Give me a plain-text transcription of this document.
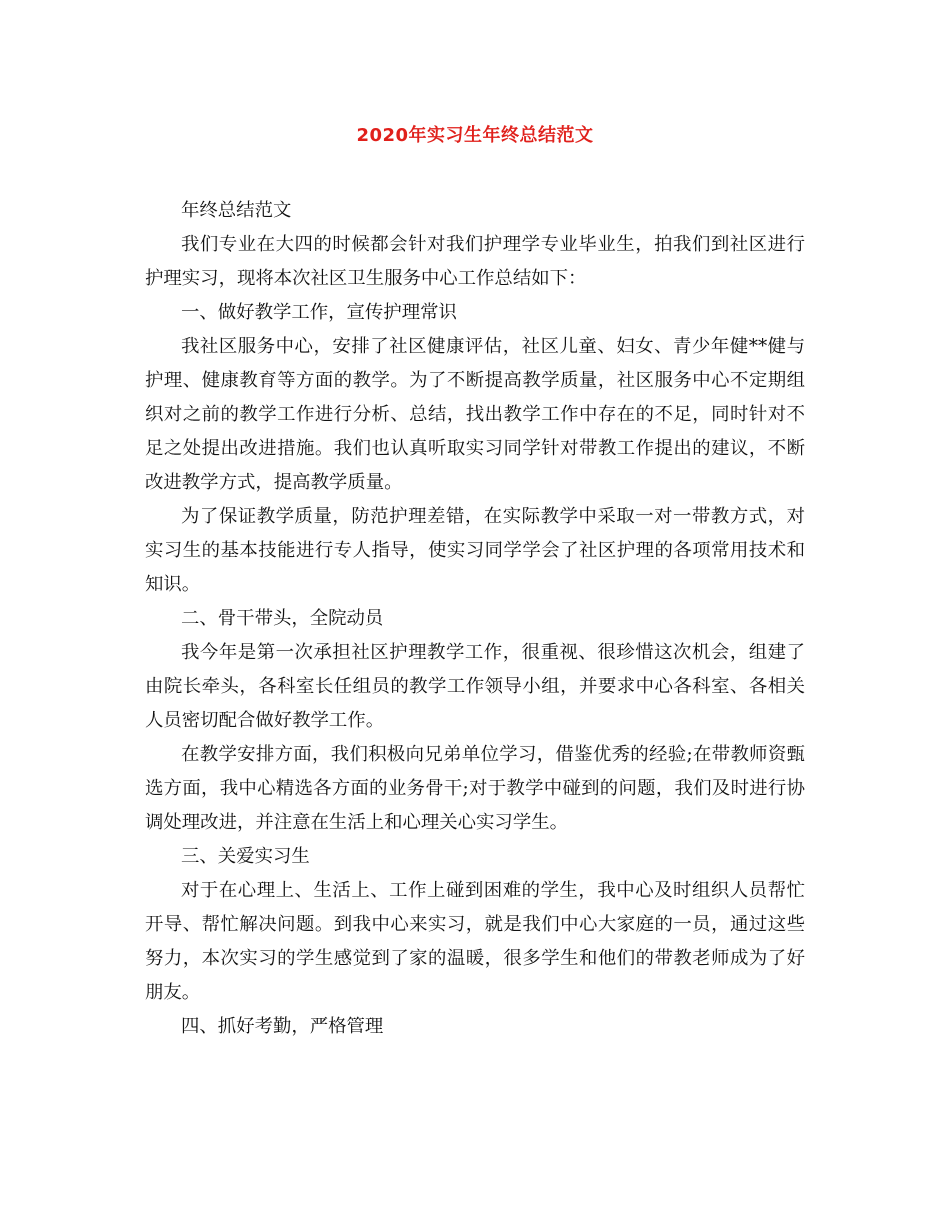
2020年实习生年终总结范文

年终总结范文

我们专业在大四的时候都会针对我们护理学专业毕业生，拍我们到社区进行护理实习，现将本次社区卫生服务中心工作总结如下：

一、做好教学工作，宣传护理常识

我社区服务中心，安排了社区健康评估，社区儿童、妇女、青少年健**健与护理、健康教育等方面的教学。为了不断提高教学质量，社区服务中心不定期组织对之前的教学工作进行分析、总结，找出教学工作中存在的不足，同时针对不足之处提出改进措施。我们也认真听取实习同学针对带教工作提出的建议，不断改进教学方式，提高教学质量。

为了保证教学质量，防范护理差错，在实际教学中采取一对一带教方式，对实习生的基本技能进行专人指导，使实习同学学会了社区护理的各项常用技术和知识。

二、骨干带头，全院动员

我今年是第一次承担社区护理教学工作，很重视、很珍惜这次机会，组建了由院长牵头，各科室长任组员的教学工作领导小组，并要求中心各科室、各相关人员密切配合做好教学工作。

在教学安排方面，我们积极向兄弟单位学习，借鉴优秀的经验;在带教师资甄选方面，我中心精选各方面的业务骨干;对于教学中碰到的问题，我们及时进行协调处理改进，并注意在生活上和心理关心实习学生。

三、关爱实习生

对于在心理上、生活上、工作上碰到困难的学生，我中心及时组织人员帮忙开导、帮忙解决问题。到我中心来实习，就是我们中心大家庭的一员，通过这些努力，本次实习的学生感觉到了家的温暖，很多学生和他们的带教老师成为了好朋友。

四、抓好考勤，严格管理
